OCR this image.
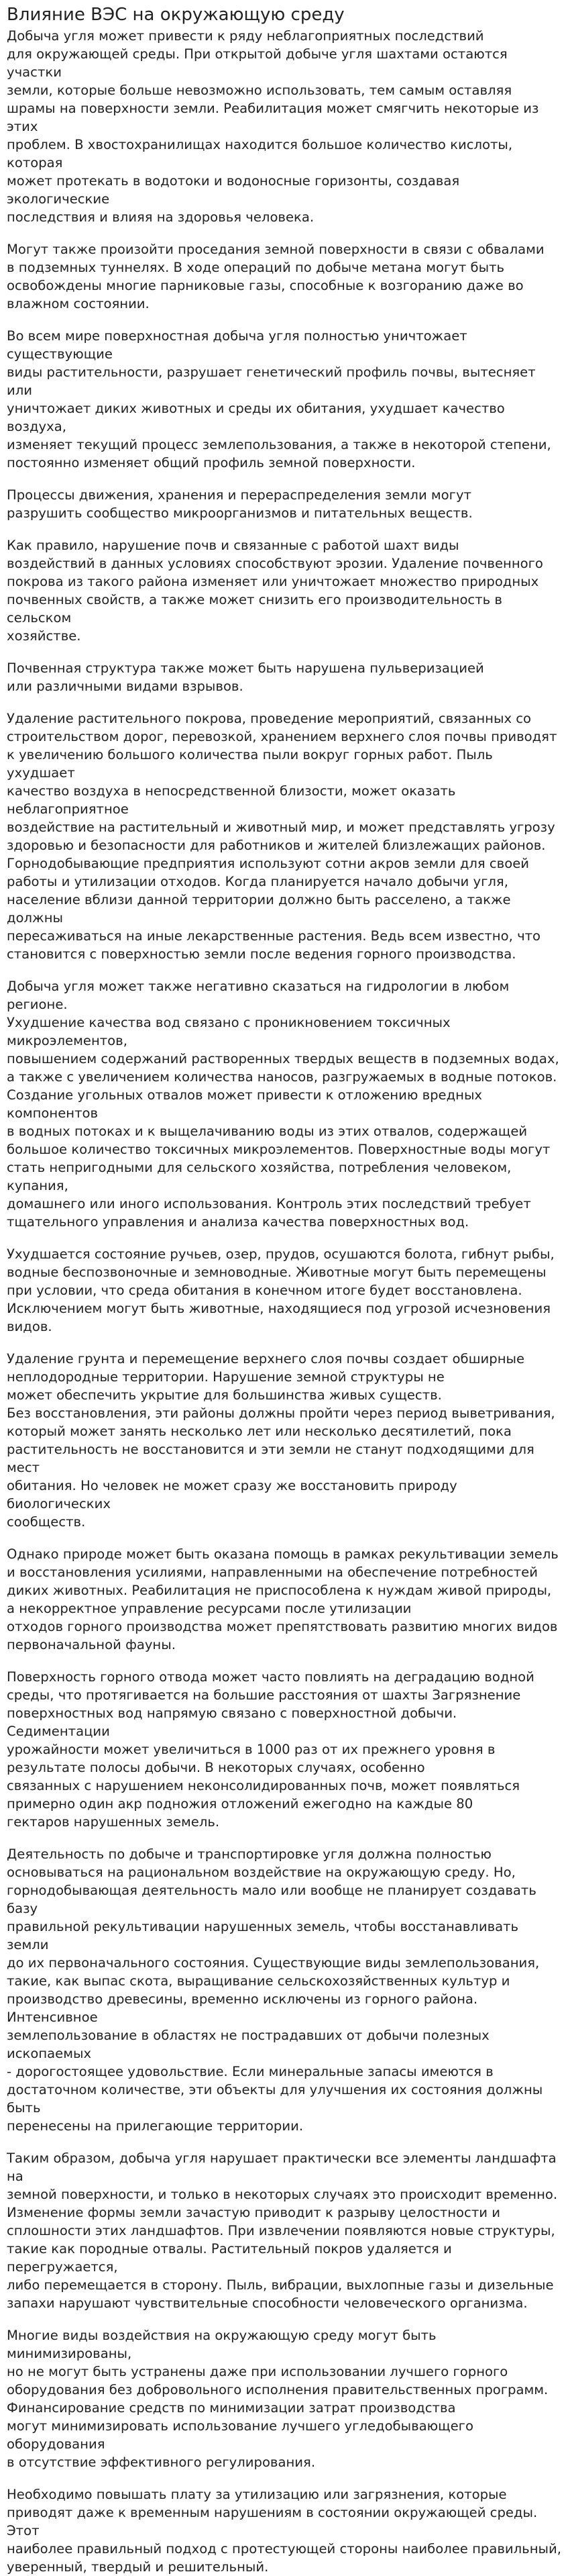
Влияние ВЭС на окружающую среду

Добыча угля может привести к ряду неблагоприятных последствий
для окружающей среды. При открытой добыче угля шахтами остаются участки
земли, которые больше невозможно использовать, тем самым оставляя
шрамы на поверхности земли. Реабилитация может смягчить некоторые из этих
проблем. В хвостохранилищах находится большое количество кислоты, которая
может протекать в водотоки и водоносные горизонты, создавая экологические
последствия и влияя на здоровья человека.

Могут также произойти проседания земной поверхности в связи с обвалами
в подземных туннелях. В ходе операций по добыче метана могут быть
освобождены многие парниковые газы, способные к возгоранию даже во
влажном состоянии.

Во всем мире поверхностная добыча угля полностью уничтожает существующие
виды растительности, разрушает генетический профиль почвы, вытесняет или
уничтожает диких животных и среды их обитания, ухудшает качество воздуха,
изменяет текущий процесс землепользования, а также в некоторой степени,
постоянно изменяет общий профиль земной поверхности.

Процессы движения, хранения и перераспределения земли могут
разрушить сообщество микроорганизмов и питательных веществ.

Как правило, нарушение почв и связанные с работой шахт виды
воздействий в данных условиях способствуют эрозии. Удаление почвенного
покрова из такого района изменяет или уничтожает множество природных
почвенных свойств, а также может снизить его производительность в сельском
хозяйстве.

Почвенная структура также может быть нарушена пульверизацией
или различными видами взрывов.

Удаление растительного покрова, проведение мероприятий, связанных со
строительством дорог, перевозкой, хранением верхнего слоя почвы приводят
к увеличению большого количества пыли вокруг горных работ. Пыль ухудшает
качество воздуха в непосредственной близости, может оказать неблагоприятное
воздействие на растительный и животный мир, и может представлять угрозу
здоровью и безопасности для работников и жителей близлежащих районов.
Горнодобывающие предприятия используют сотни акров земли для своей
работы и утилизации отходов. Когда планируется начало добычи угля,
население вблизи данной территории должно быть расселено, а также должны
пересаживаться на иные лекарственные растения. Ведь всем известно, что
становится с поверхностью земли после ведения горного производства.

Добыча угля может также негативно сказаться на гидрологии в любом регионе.
Ухудшение качества вод связано с проникновением токсичных микроэлементов,
повышением содержаний растворенных твердых веществ в подземных водах,
а также с увеличением количества наносов, разгружаемых в водные потоков.
Создание угольных отвалов может привести к отложению вредных компонентов
в водных потоках и к выщелачиванию воды из этих отвалов, содержащей
большое количество токсичных микроэлементов. Поверхностные воды могут
стать непригодными для сельского хозяйства, потребления человеком, купания,
домашнего или иного использования. Контроль этих последствий требует
тщательного управления и анализа качества поверхностных вод.

Ухудшается состояние ручьев, озер, прудов, осушаются болота, гибнут рыбы,
водные беспозвоночные и земноводные. Животные могут быть перемещены
при условии, что среда обитания в конечном итоге будет восстановлена.
Исключением могут быть животные, находящиеся под угрозой исчезновения
видов.

Удаление грунта и перемещение верхнего слоя почвы создает обширные
неплодородные территории. Нарушение земной структуры не
может обеспечить укрытие для большинства живых существ.
Без восстановления, эти районы должны пройти через период выветривания,
который может занять несколько лет или несколько десятилетий, пока
растительность не восстановится и эти земли не станут подходящими для мест
обитания. Но человек не может сразу же восстановить природу биологических
сообществ.

Однако природе может быть оказана помощь в рамках рекультивации земель
и восстановления усилиями, направленными на обеспечение потребностей
диких животных. Реабилитация не приспособлена к нуждам живой природы,
а некорректное управление ресурсами после утилизации
отходов горного производства может препятствовать развитию многих видов
первоначальной фауны.

Поверхность горного отвода может часто повлиять на деградацию водной
среды, что протягивается на большие расстояния от шахты Загрязнение
поверхностных вод напрямую связано с поверхностной добычи. Седиментации
урожайности может увеличиться в 1000 раз от их прежнего уровня в
результате полосы добычи. В некоторых случаях, особенно
связанных с нарушением неконсолидированных почв, может появляться
примерно один акр подножия отложений ежегодно на каждые 80
гектаров нарушенных земель.

Деятельность по добыче и транспортировке угля должна полностью
основываться на рациональном воздействие на окружающую среду. Но,
горнодобывающая деятельность мало или вообще не планирует создавать базу
правильной рекультивации нарушенных земель, чтобы восстанавливать земли
до их первоначального состояния. Существующие виды землепользования,
такие, как выпас скота, выращивание сельскохозяйственных культур и
производство древесины, временно исключены из горного района. Интенсивное
землепользование в областях не пострадавших от добычи полезных ископаемых
- дорогостоящее удовольствие. Если минеральные запасы имеются в
достаточном количестве, эти объекты для улучшения их состояния должны быть
перенесены на прилегающие территории.

Таким образом, добыча угля нарушает практически все элементы ландшафта на
земной поверхности, и только в некоторых случаях это происходит временно.
Изменение формы земли зачастую приводит к разрыву целостности и
сплошности этих ландшафтов. При извлечении появляются новые структуры,
такие как породные отвалы. Растительный покров удаляется и перегружается,
либо перемещается в сторону. Пыль, вибрации, выхлопные газы и дизельные
запахи нарушают чувствительные способности человеческого организма.

Многие виды воздействия на окружающую среду могут быть минимизированы,
но не могут быть устранены даже при использовании лучшего горного
оборудования без добровольного исполнения правительственных программ.
Финансирование средств по минимизации затрат производства
могут минимизировать использование лучшего угледобывающего оборудования
в отсутствие эффективного регулирования.

Необходимо повышать плату за утилизацию или загрязнения, которые
приводят даже к временным нарушениям в состоянии окружающей среды. Этот
наиболее правильный подход с протестующей стороны наиболее правильный,
уверенный, твердый и решительный.
